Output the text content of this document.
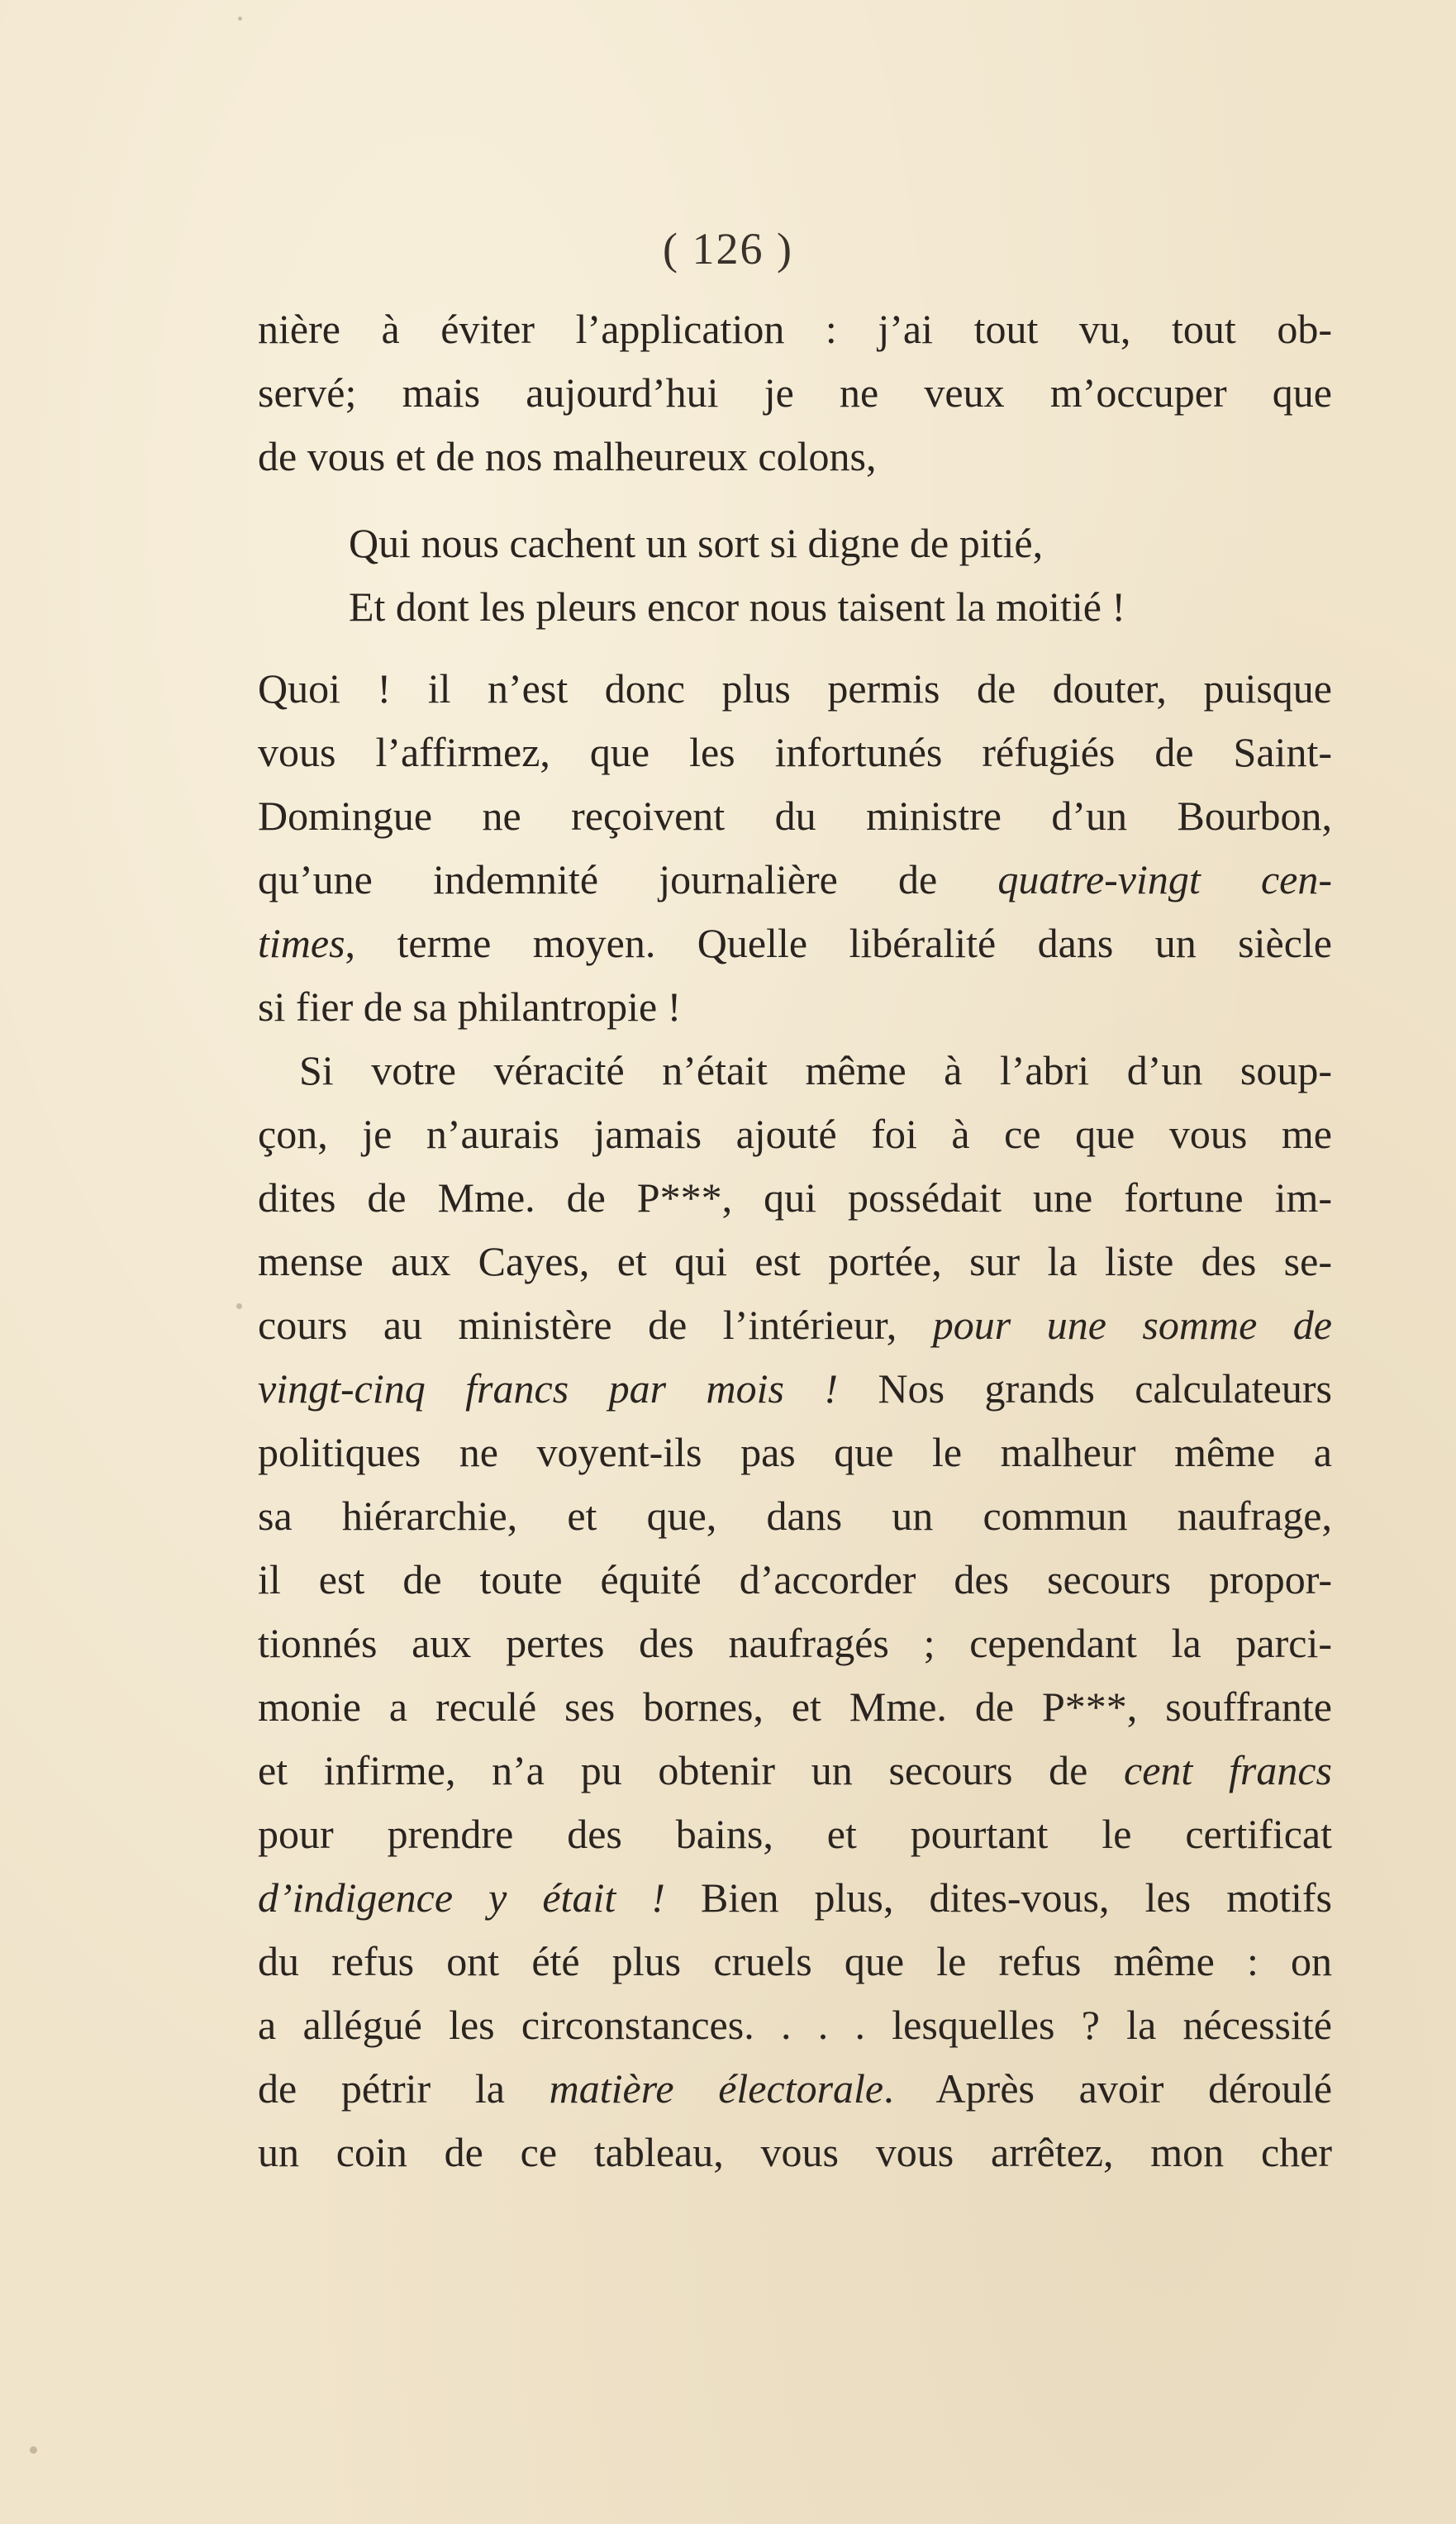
( 126 )
nière à éviter l’application : j’ai tout vu, tout ob-
servé; mais aujourd’hui je ne veux m’occuper que
de vous et de nos malheureux colons,
Qui nous cachent un sort si digne de pitié,
Et dont les pleurs encor nous taisent la moitié !
Quoi ! il n’est donc plus permis de douter, puisque
vous l’affirmez, que les infortunés réfugiés de Saint-
Domingue ne reçoivent du ministre d’un Bourbon,
qu’une indemnité journalière de quatre-vingt cen-
times, terme moyen. Quelle libéralité dans un siècle
si fier de sa philantropie !
Si votre véracité n’était même à l’abri d’un soup-
çon, je n’aurais jamais ajouté foi à ce que vous me
dites de Mme. de P***, qui possédait une fortune im-
mense aux Cayes, et qui est portée, sur la liste des se-
cours au ministère de l’intérieur, pour une somme de
vingt-cinq francs par mois ! Nos grands calculateurs
politiques ne voyent-ils pas que le malheur même a
sa hiérarchie, et que, dans un commun naufrage,
il est de toute équité d’accorder des secours propor-
tionnés aux pertes des naufragés ; cependant la parci-
monie a reculé ses bornes, et Mme. de P***, souffrante
et infirme, n’a pu obtenir un secours de cent francs
pour prendre des bains, et pourtant le certificat
d’indigence y était ! Bien plus, dites-vous, les motifs
du refus ont été plus cruels que le refus même : on
a allégué les circonstances. . . . lesquelles ? la nécessité
de pétrir la matière électorale. Après avoir déroulé
un coin de ce tableau, vous vous arrêtez, mon cher
